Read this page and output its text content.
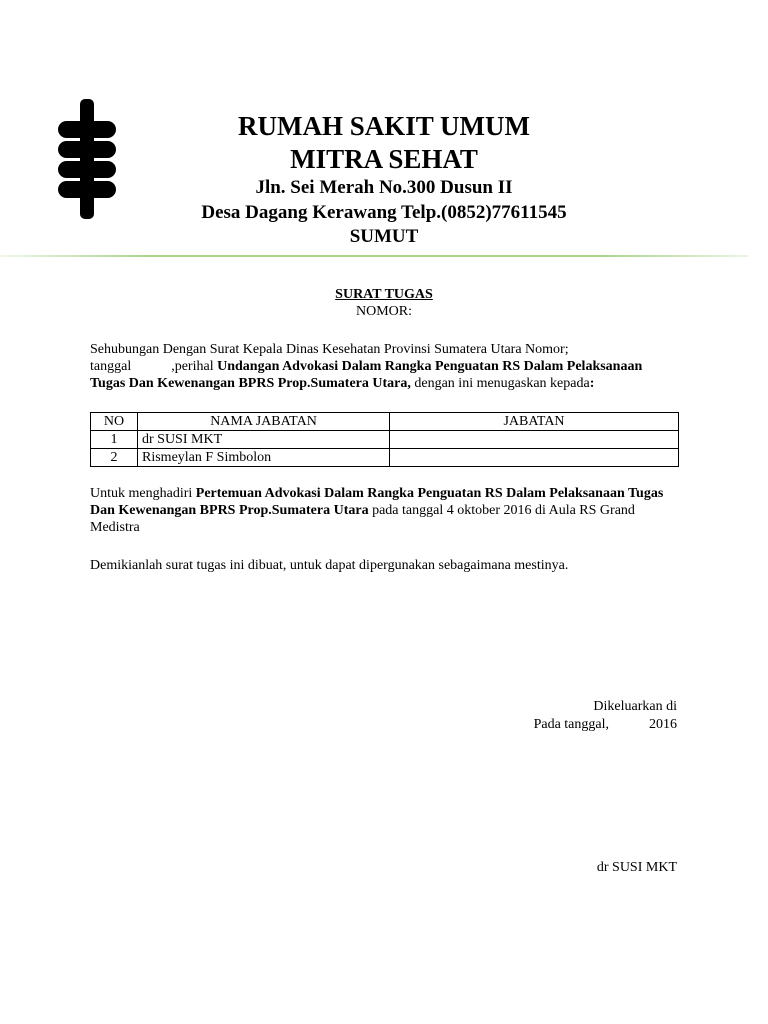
RUMAH SAKIT UMUM
MITRA SEHAT
Jln. Sei Merah No.300 Dusun II
Desa Dagang Kerawang Telp.(0852)77611545
SUMUT
SURAT TUGAS
NOMOR:
Sehubungan Dengan Surat Kepala Dinas Kesehatan Provinsi Sumatera Utara Nomor;
tanggal	,perihal Undangan Advokasi Dalam Rangka Penguatan RS Dalam Pelaksanaan Tugas Dan Kewenangan BPRS Prop.Sumatera Utara, dengan ini menugaskan kepada:
NO	NAMA JABATAN	JABATAN
1	dr SUSI MKT	
2	Rismeylan F Simbolon	
Untuk menghadiri Pertemuan Advokasi Dalam Rangka Penguatan RS Dalam Pelaksanaan Tugas Dan Kewenangan BPRS Prop.Sumatera Utara pada tanggal 4 oktober 2016 di Aula RS Grand Medistra
Demikianlah surat tugas ini dibuat, untuk dapat dipergunakan sebagaimana mestinya.
Dikeluarkan di
Pada tanggal,	2016
dr SUSI MKT
